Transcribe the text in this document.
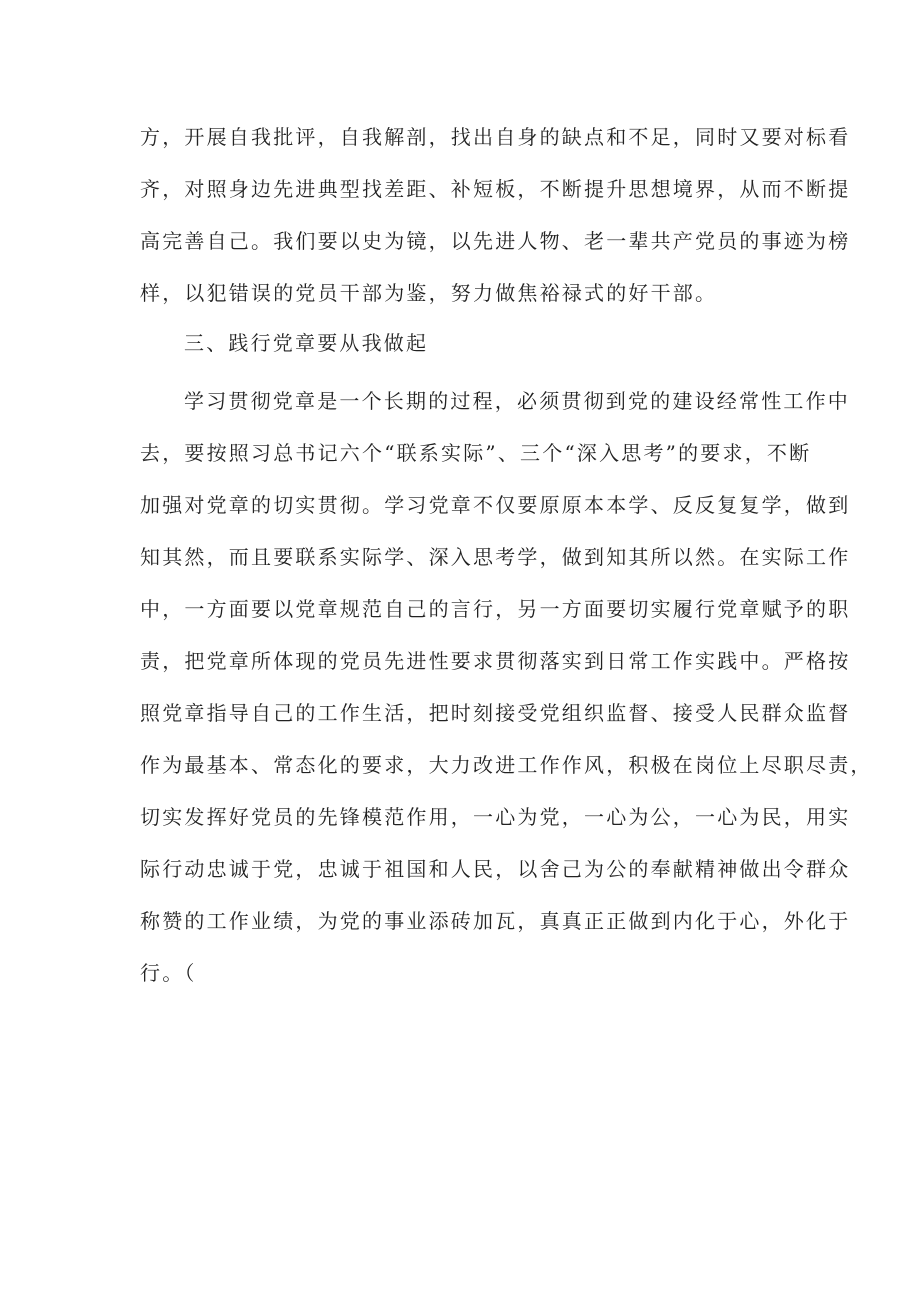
方，开展自我批评，自我解剖，找出自身的缺点和不足，同时又要对标看
齐，对照身边先进典型找差距、补短板，不断提升思想境界，从而不断提
高完善自己。我们要以史为镜，以先进人物、老一辈共产党员的事迹为榜
样，以犯错误的党员干部为鉴，努力做焦裕禄式的好干部。
三、践行党章要从我做起
学习贯彻党章是一个长期的过程，必须贯彻到党的建设经常性工作中
去，要按照习总书记六个“联系实际”、三个“深入思考”的要求，不断
加强对党章的切实贯彻。学习党章不仅要原原本本学、反反复复学，做到
知其然，而且要联系实际学、深入思考学，做到知其所以然。在实际工作
中，一方面要以党章规范自己的言行，另一方面要切实履行党章赋予的职
责，把党章所体现的党员先进性要求贯彻落实到日常工作实践中。严格按
照党章指导自己的工作生活，把时刻接受党组织监督、接受人民群众监督
作为最基本、常态化的要求，大力改进工作作风，积极在岗位上尽职尽责，
切实发挥好党员的先锋模范作用，一心为党，一心为公，一心为民，用实
际行动忠诚于党，忠诚于祖国和人民，以舍己为公的奉献精神做出令群众
称赞的工作业绩，为党的事业添砖加瓦，真真正正做到内化于心，外化于
行。（
